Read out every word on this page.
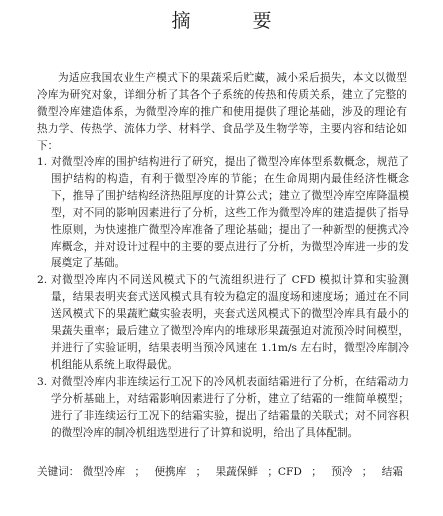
摘 要

为适应我国农业生产模式下的果蔬采后贮藏，减小采后损失，本文以微型冷库为研究对象，详细分析了其各个子系统的传热和传质关系，建立了完整的微型冷库建造体系，为微型冷库的推广和使用提供了理论基础，涉及的理论有热力学、传热学、流体力学、材料学、食品学及生物学等，主要内容和结论如下：

1. 对微型冷库的围护结构进行了研究，提出了微型冷库体型系数概念，规范了围护结构的构造，有利于微型冷库的节能；在生命周期内最佳经济性概念下，推导了围护结构经济热阻厚度的计算公式；建立了微型冷库空库降温模型，对不同的影响因素进行了分析，这些工作为微型冷库的建造提供了指导性原则，为快速推广微型冷库准备了理论基础；提出了一种新型的便携式冷库概念，并对设计过程中的主要的要点进行了分析，为微型冷库进一步的发展奠定了基础。
2. 对微型冷库内不同送风模式下的气流组织进行了 CFD 模拟计算和实验测量，结果表明夹套式送风模式具有较为稳定的温度场和速度场；通过在不同送风模式下的果蔬贮藏实验表明，夹套式送风模式下的微型冷库具有最小的果蔬失重率；最后建立了微型冷库内的堆球形果蔬强迫对流预冷时间模型，并进行了实验证明，结果表明当预冷风速在 1.1m/s 左右时，微型冷库制冷机组能从系统上取得最优。
3. 对微型冷库内非连续运行工况下的冷风机表面结霜进行了分析，在结霜动力学分析基础上，对结霜影响因素进行了分析，建立了结霜的一维简单模型；进行了非连续运行工况下的结霜实验，提出了结霜量的关联式；对不同容积的微型冷库的制冷机组选型进行了计算和说明，给出了具体配制。
关键词： 微型冷库 ； 便携库 ； 果蔬保鲜 ；CFD ； 预冷 ； 结霜
